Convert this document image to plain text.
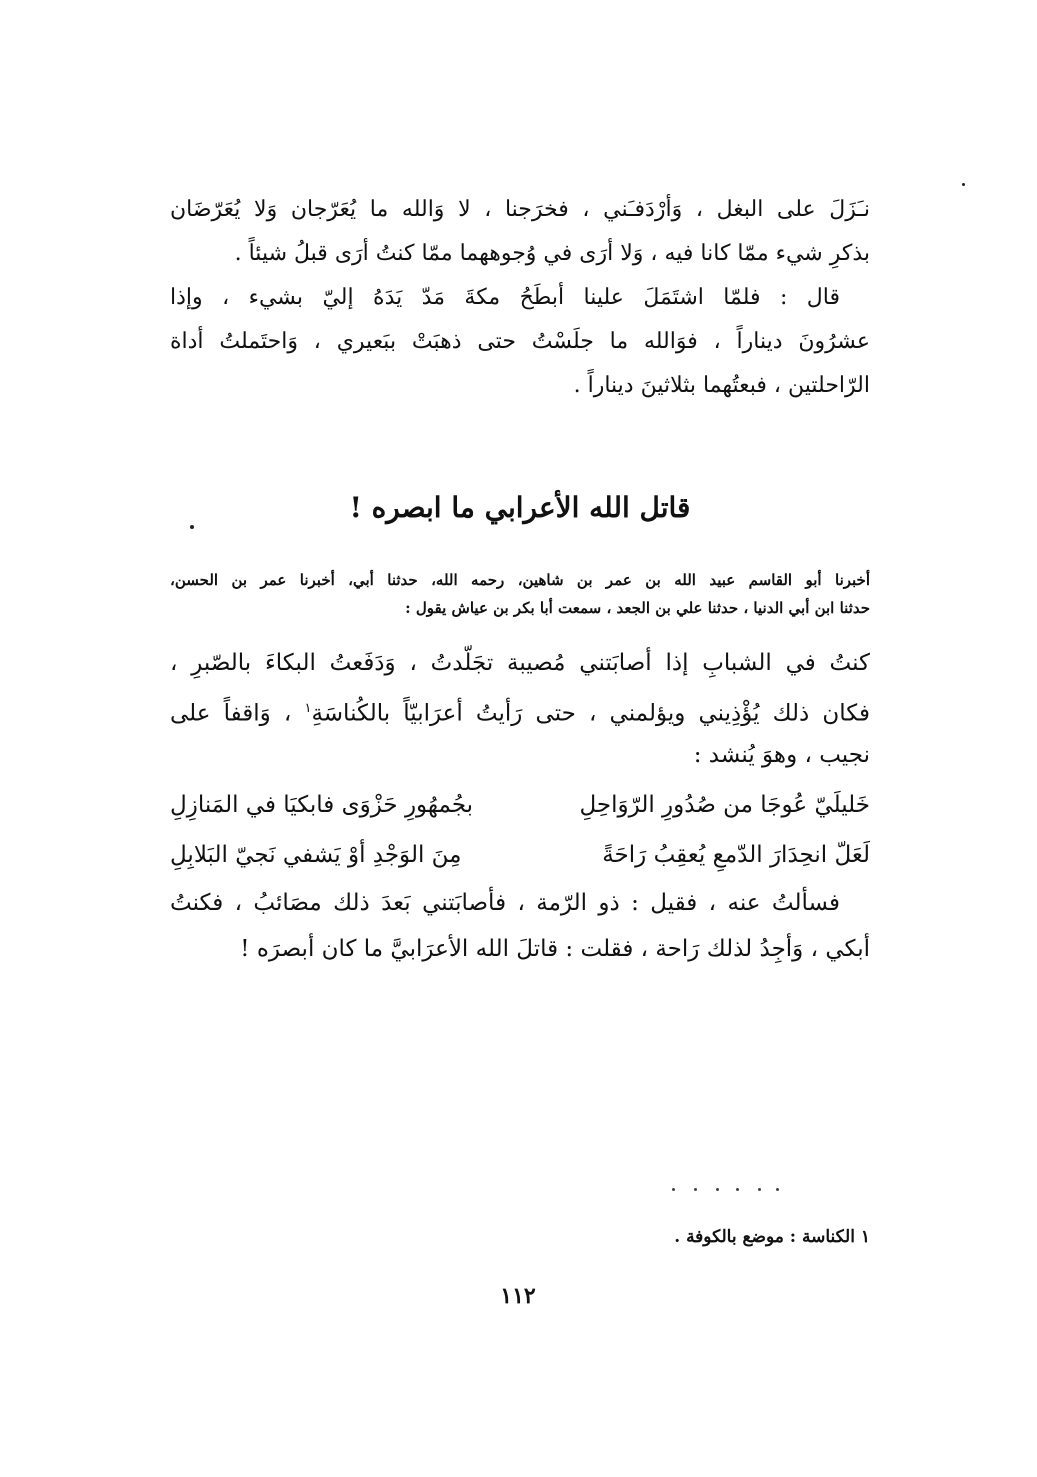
نـَزَلَ على البغل ، وَأرْدَفـَني ، فخرَجنا ، لا وَالله ما يُعَرّجان وَلا يُعَرّضَان
بذكرِ شيء ممّا كانا فيه ، وَلا أرَى في وُجوههما ممّا كنتُ أرَى قبلُ شيئاً .
قال : فلمّا اشتَمَلَ علينا أبطَحُ مكةَ مَدّ يَدَهُ إليّ بشيء ، وإذا
عشرُونَ ديناراً ، فوَالله ما جلَسْتُ حتى ذهبَتْ ببَعيري ، وَاحتَملتُ أداة
الرّاحلتين ، فبعتُهما بثلاثينَ ديناراً .
قاتل الله الأعرابي ما ابصره !
أخبرنا أبو القاسم عبيد الله بن عمر بن شاهين، رحمه الله، حدثنا أبي، أخبرنا عمر بن الحسن،
حدثنا ابن أبي الدنيا ، حدثنا علي بن الجعد ، سمعت أبا بكر بن عياش يقول :
كنتُ في الشبابِ إذا أصابَتني مُصيبة تجَلّدتُ ، وَدَفَعتُ البكاءَ بالصّبرِ ،
فكان ذلك يُؤْذِيني ويؤلمني ، حتى رَأيتُ أعرَابيّاً بالكُناسَةِ$^١$ ، وَاقفاً على
نجيب ، وهوَ يُنشد :
خَليلَيّ عُوجَا من صُدُورِ الرّوَاحِلِ
بجُمهُورِ حَزْوَى فابكيَا في المَنازِلِ
لَعَلّ انحِدَارَ الدّمعِ يُعقِبُ رَاحَةً
مِنَ الوَجْدِ أوْ يَشفي نَجيّ البَلابِلِ
فسألتُ عنه ، فقيل : ذو الرّمة ، فأصابَتني بَعدَ ذلك مصَائبُ ، فكنتُ
أبكي ، وَأجِدُ لذلك رَاحة ، فقلت : قاتلَ الله الأعرَابيَّ ما كان أبصرَه !
١ الكناسة : موضع بالكوفة .
١١٢
